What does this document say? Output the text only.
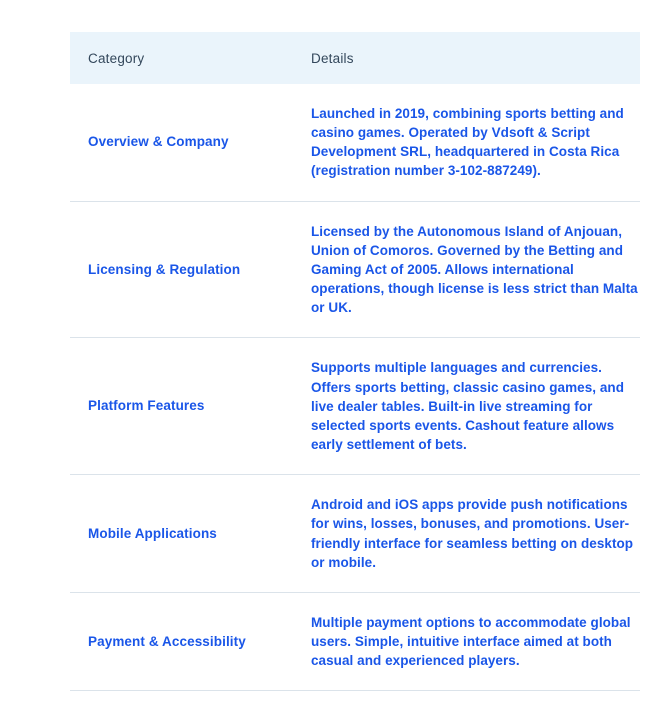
Category	Details
Overview & Company	Launched in 2019, combining sports betting and casino games. Operated by Vdsoft & Script Development SRL, headquartered in Costa Rica (registration number 3-102-887249).
Licensing & Regulation	Licensed by the Autonomous Island of Anjouan, Union of Comoros. Governed by the Betting and Gaming Act of 2005. Allows international operations, though license is less strict than Malta or UK.
Platform Features	Supports multiple languages and currencies. Offers sports betting, classic casino games, and live dealer tables. Built-in live streaming for selected sports events. Cashout feature allows early settlement of bets.
Mobile Applications	Android and iOS apps provide push notifications for wins, losses, bonuses, and promotions. User-friendly interface for seamless betting on desktop or mobile.
Payment & Accessibility	Multiple payment options to accommodate global users. Simple, intuitive interface aimed at both casual and experienced players.
